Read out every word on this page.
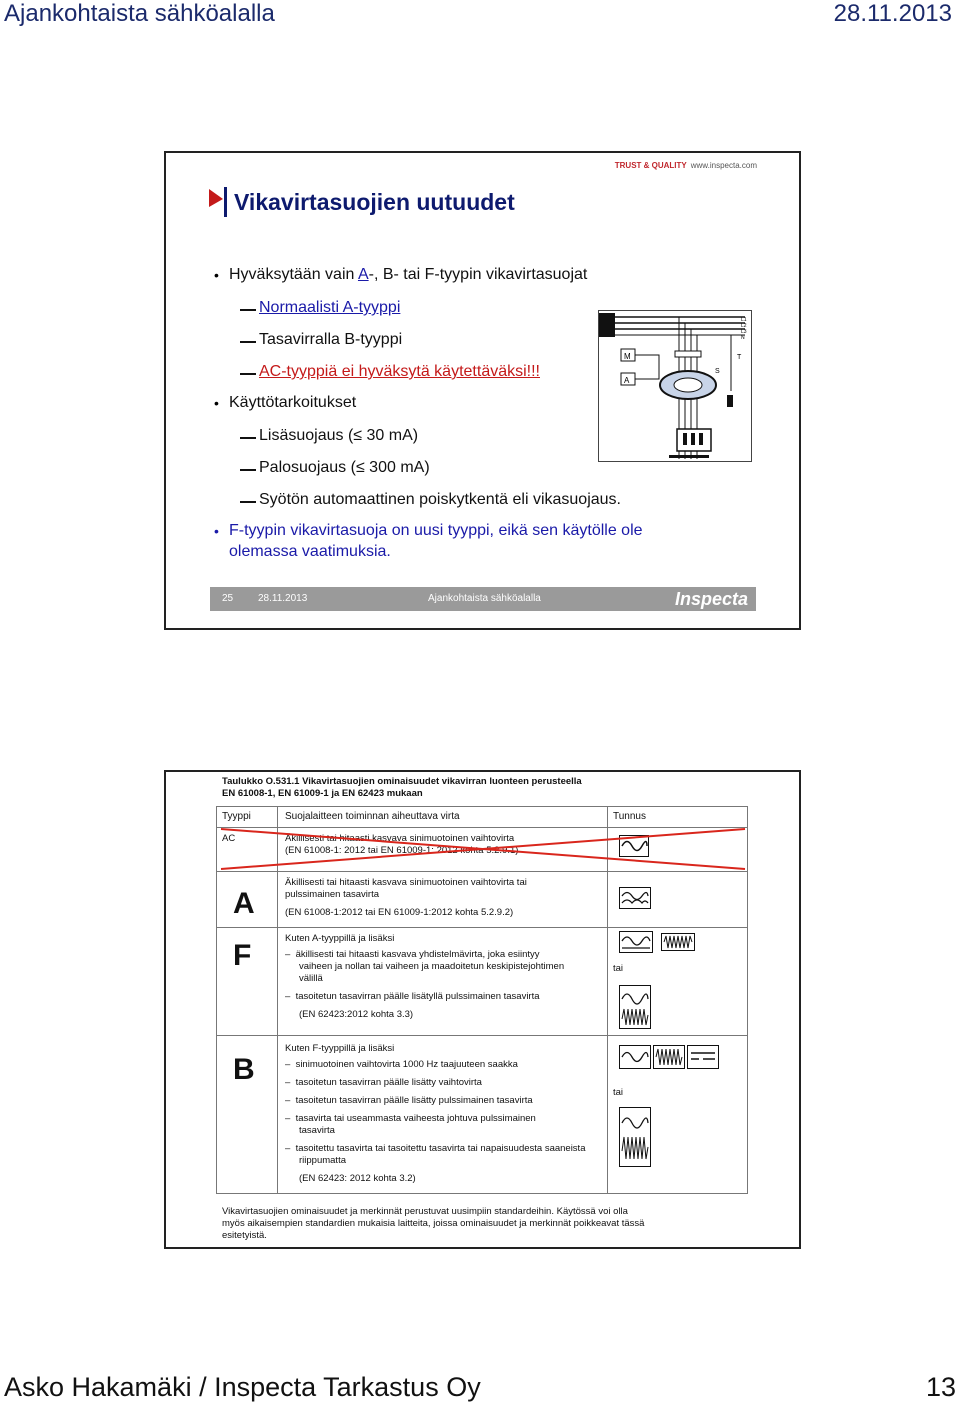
Ajankohtaista sähköalalla	28.11.2013
TRUST & QUALITY www.inspecta.com
Vikavirtasuojien uutuudet
• Hyväksytään vain A-, B- tai F-tyypin vikavirtasuojat
Normaalisti A-tyyppi
Tasavirralla B-tyyppi
AC-tyyppiä ei hyväksytä käytettäväksi!!!
• Käyttötarkoitukset
Lisäsuojaus (≤ 30 mA)
Palosuojaus (≤ 300 mA)
Syötön automaattinen poiskytkentä eli vikasuojaus.
• F-tyypin vikavirtasuoja on uusi tyyppi, eikä sen käytölle ole
olemassa vaatimuksia.
L1
L2
L3
N
M
A
S
T
25 28.11.2013	Ajankohtaista sähköalalla	Inspecta
Taulukko O.531.1 Vikavirtasuojien ominaisuudet vikavirran luonteen perusteella
EN 61008-1, EN 61009-1 ja EN 62423 mukaan
Tyyppi	Suojalaitteen toiminnan aiheuttava virta	Tunnus
AC	Äkillisesti tai hitaasti kasvava sinimuotoinen vaihtovirta
(EN 61008-1: 2012 tai EN 61009-1: 2012 kohta 5.2.9.1)
A
Äkillisesti tai hitaasti kasvava sinimuotoinen vaihtovirta tai
pulssimainen tasavirta
(EN 61008-1:2012 tai EN 61009-1:2012 kohta 5.2.9.2)
F
Kuten A-tyyppillä ja lisäksi
–  äkillisesti tai hitaasti kasvava yhdistelmävirta, joka esiintyy
vaiheen ja nollan tai vaiheen ja maadoitetun keskipistejohtimen
välillä
–  tasoitetun tasavirran päälle lisätyllä pulssimainen tasavirta
(EN 62423:2012 kohta 3.3)
tai
B
Kuten F-tyyppillä ja lisäksi
–  sinimuotoinen vaihtovirta 1000 Hz taajuuteen saakka
–  tasoitetun tasavirran päälle lisätty vaihtovirta
–  tasoitetun tasavirran päälle lisätty pulssimainen tasavirta
–  tasavirta tai useammasta vaiheesta johtuva pulssimainen
tasavirta
–  tasoitettu tasavirta tai tasoitettu tasavirta tai napaisuudesta saaneista
riippumatta
(EN 62423: 2012 kohta 3.2)
tai
Vikavirtasuojien ominaisuudet ja merkinnät perustuvat uusimpiin standardeihin. Käytössä voi olla
myös aikaisempien standardien mukaisia laitteita, joissa ominaisuudet ja merkinnät poikkeavat tässä
esitetyistä.
Asko Hakamäki / Inspecta Tarkastus Oy	13
